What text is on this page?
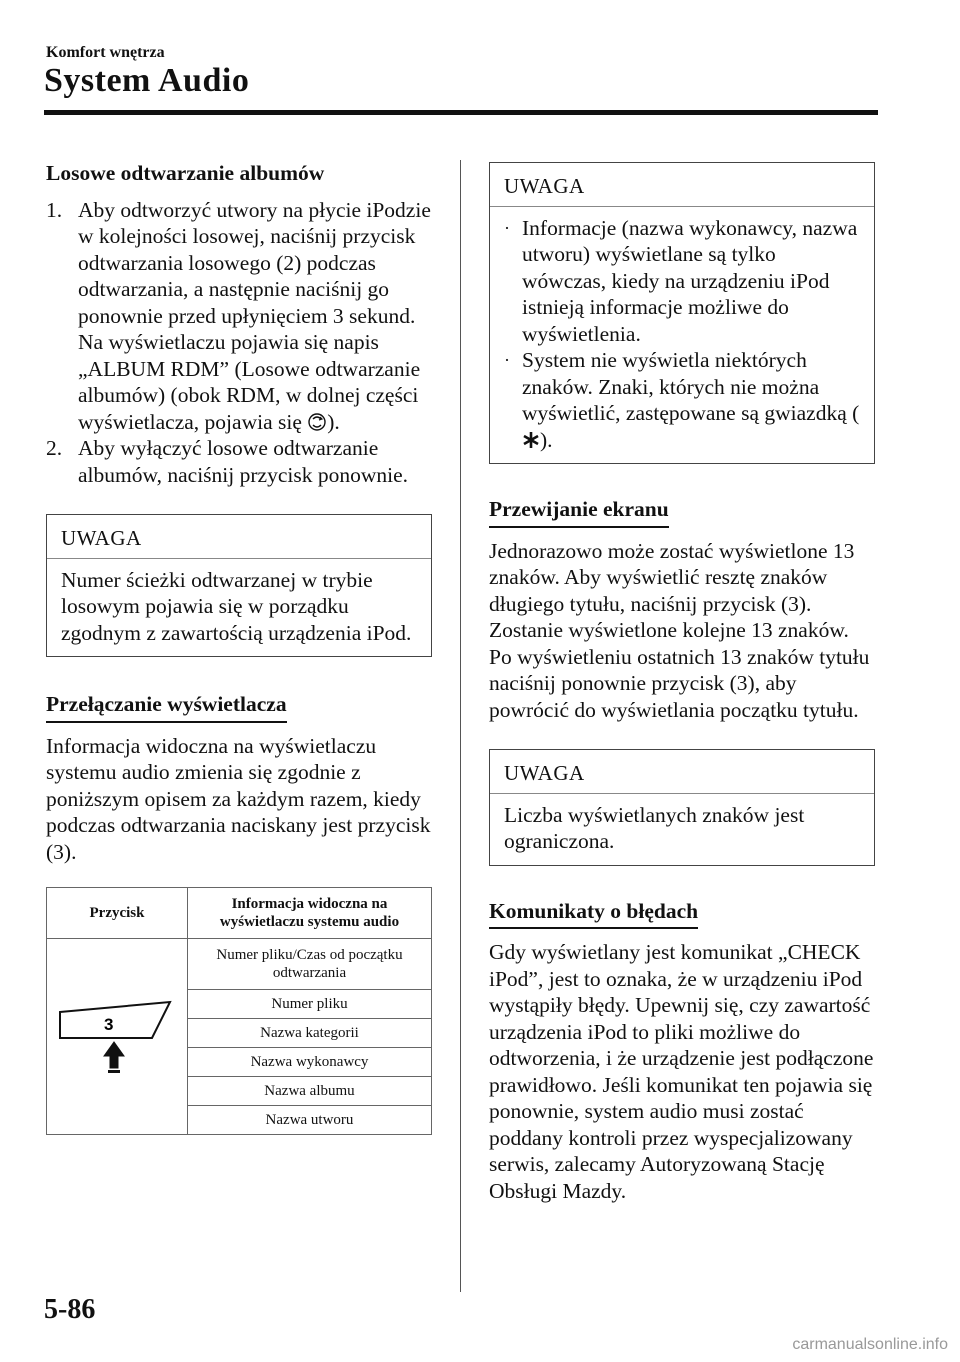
Komfort wnętrza
System Audio
Losowe odtwarzanie albumów
1. Aby odtworzyć utwory na płycie iPodzie w kolejności losowej, naciśnij przycisk odtwarzania losowego (2) podczas odtwarzania, a następnie naciśnij go ponownie przed upłynięciem 3 sekund. Na wyświetlaczu pojawia się napis „ALBUM RDM” (Losowe odtwarzanie albumów) (obok RDM, w dolnej części wyświetlacza, pojawia się ).
2. Aby wyłączyć losowe odtwarzanie albumów, naciśnij przycisk ponownie.
UWAGA
Numer ścieżki odtwarzanej w trybie losowym pojawia się w porządku zgodnym z zawartością urządzenia iPod.
Przełączanie wyświetlacza
Informacja widoczna na wyświetlaczu systemu audio zmienia się zgodnie z poniższym opisem za każdym razem, kiedy podczas odtwarzania naciskany jest przycisk (3).
Przycisk	Informacja widoczna na wyświetlaczu systemu audio

3	Numer pliku/Czas od początku odtwarzania
	Numer pliku
	Nazwa kategorii
	Nazwa wykonawcy
	Nazwa albumu
	Nazwa utworu
UWAGA
· Informacje (nazwa wykonawcy, nazwa utworu) wyświetlane są tylko wówczas, kiedy na urządzeniu iPod istnieją informacje możliwe do wyświetlenia.
· System nie wyświetla niektórych znaków. Znaki, których nie można wyświetlić, zastępowane są gwiazdką ().
Przewijanie ekranu
Jednorazowo może zostać wyświetlone 13 znaków. Aby wyświetlić resztę znaków długiego tytułu, naciśnij przycisk (3). Zostanie wyświetlone kolejne 13 znaków. Po wyświetleniu ostatnich 13 znaków tytułu naciśnij ponownie przycisk (3), aby powrócić do wyświetlania początku tytułu.
UWAGA
Liczba wyświetlanych znaków jest ograniczona.
Komunikaty o błędach
Gdy wyświetlany jest komunikat „CHECK iPod”, jest to oznaka, że w urządzeniu iPod wystąpiły błędy. Upewnij się, czy zawartość urządzenia iPod to pliki możliwe do odtworzenia, i że urządzenie jest podłączone prawidłowo. Jeśli komunikat ten pojawia się ponownie, system audio musi zostać poddany kontroli przez wyspecjalizowany serwis, zalecamy Autoryzowaną Stację Obsługi Mazdy.
5-86
carmanualsonline.info
